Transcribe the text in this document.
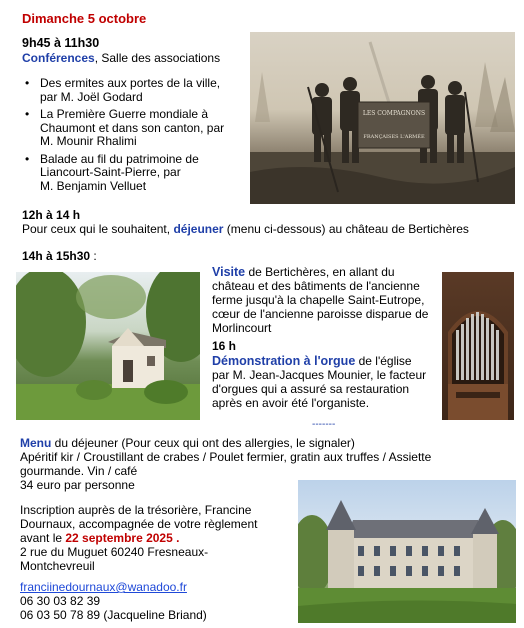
Dimanche 5 octobre
9h45 à 11h30
Conférences, Salle des associations
• Des ermites aux portes de la ville,
par M. Joël Godard
• La Première Guerre mondiale à Chaumont et dans son canton, par
M. Mounir Rhalimi
• Balade au fil du patrimoine de Liancourt-Saint-Pierre, par
M. Benjamin Velluet
LES COMPAGNONS
FRANÇAISES L'ARMÉE
12h à 14 h
Pour ceux qui le souhaitent, déjeuner (menu ci-dessous) au château de Bertichères
14h à 15h30 :
Visite de Bertichères, en allant du
château et des bâtiments de l'ancienne
ferme jusqu'à la chapelle Saint-Eutrope,
cœur de l'ancienne paroisse disparue de
Morlincourt
16 h
Démonstration à l'orgue de l'église
par M. Jean-Jacques Mounier, le facteur
d'orgues qui a assuré sa restauration
après en avoir été l'organiste.
-------
Menu du déjeuner (Pour ceux qui ont des allergies, le signaler)
Apéritif kir / Croustillant de crabes / Poulet fermier, gratin aux truffes / Assiette
gourmande. Vin / café
34 euro par personne
Inscription auprès de la trésorière, Francine
Dournaux, accompagnée de votre règlement
avant le 22 septembre 2025 .
2 rue du Muguet 60240 Fresneaux-
Montchevreuil
franciinedournaux@wanadoo.fr
06 30 03 82 39
06 03 50 78 89 (Jacqueline Briand)
